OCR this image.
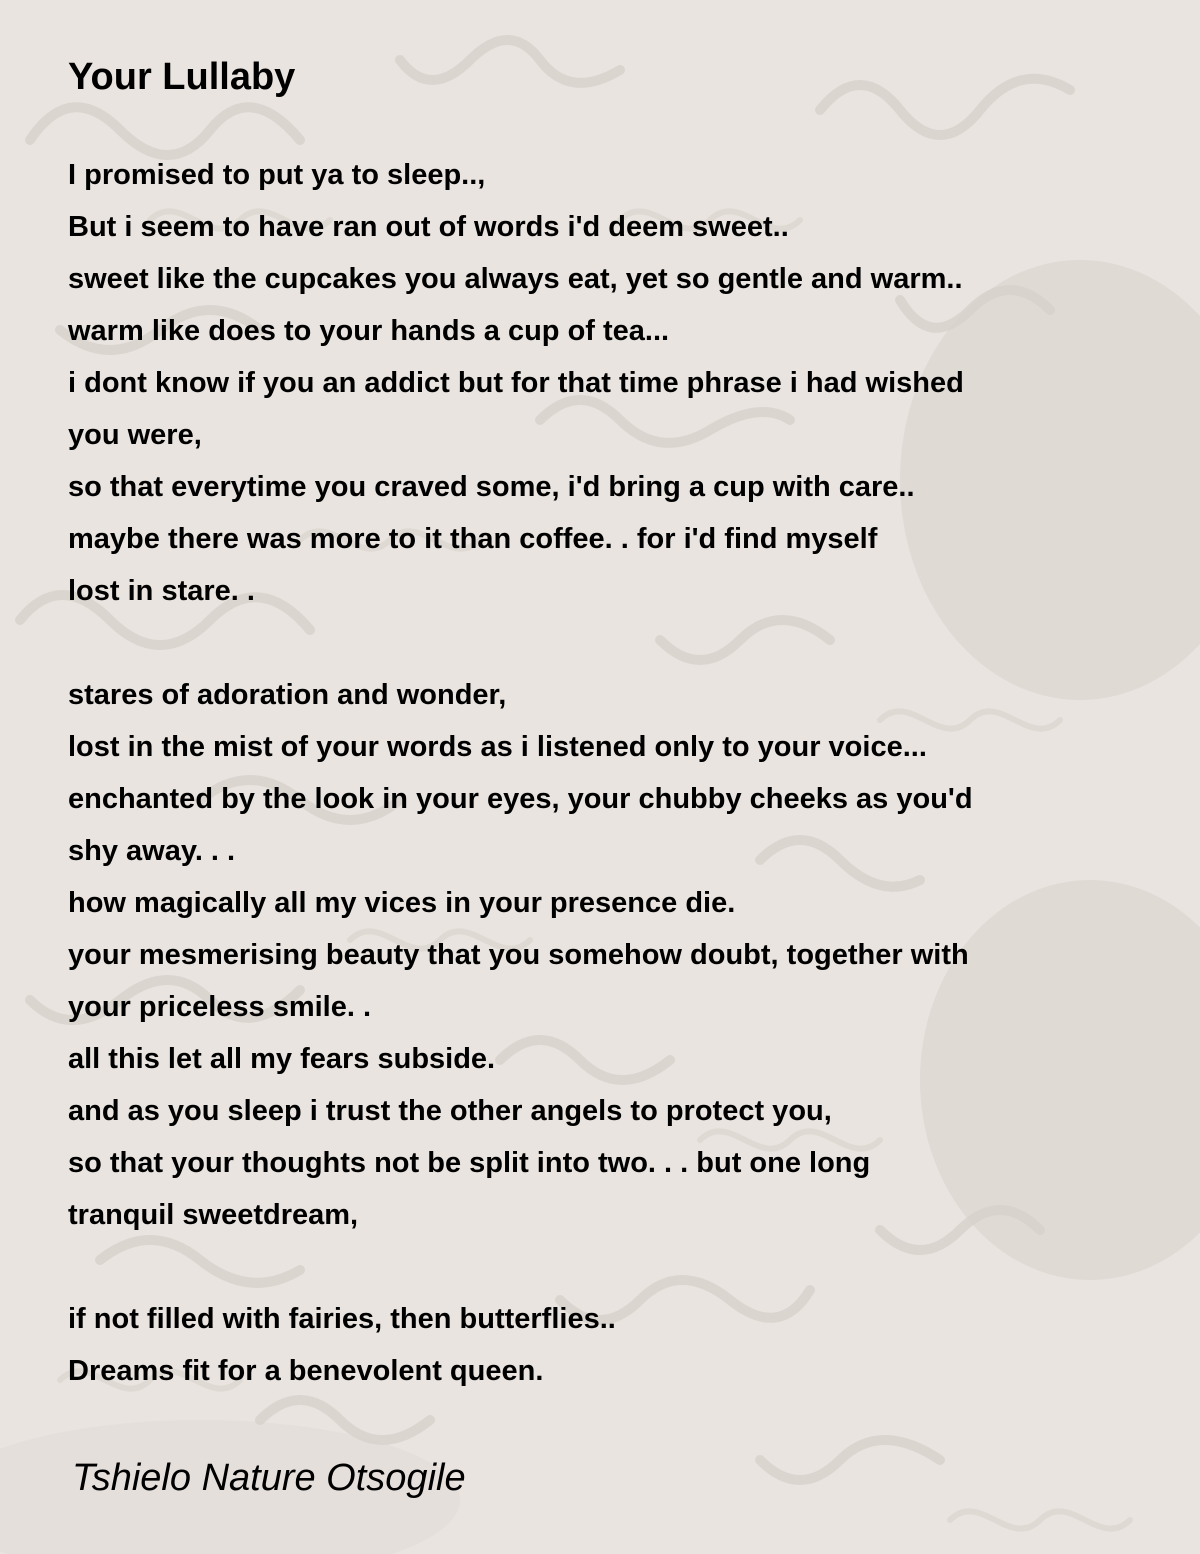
Your Lullaby
I promised to put ya to sleep..,
But i seem to have ran out of words i'd deem sweet..
sweet like the cupcakes you always eat, yet so gentle and warm..
warm like does to your hands a cup of tea...
i dont know if you an addict but for that time phrase i had wished
you were,
so that everytime you craved some, i'd bring a cup with care..
maybe there was more to it than coffee. . for i'd find myself
lost in stare. .
stares of adoration and wonder,
lost in the mist of your words as i listened only to your voice...
enchanted by the look in your eyes, your chubby cheeks as you'd
shy away. . .
how magically all my vices in your presence die.
your mesmerising beauty that you somehow doubt, together with
your priceless smile. .
all this let all my fears subside.
and as you sleep i trust the other angels to protect you,
so that your thoughts not be split into two. . . but one long
tranquil sweetdream,
if not filled with fairies, then butterflies..
Dreams fit for a benevolent queen.
Tshielo Nature Otsogile
